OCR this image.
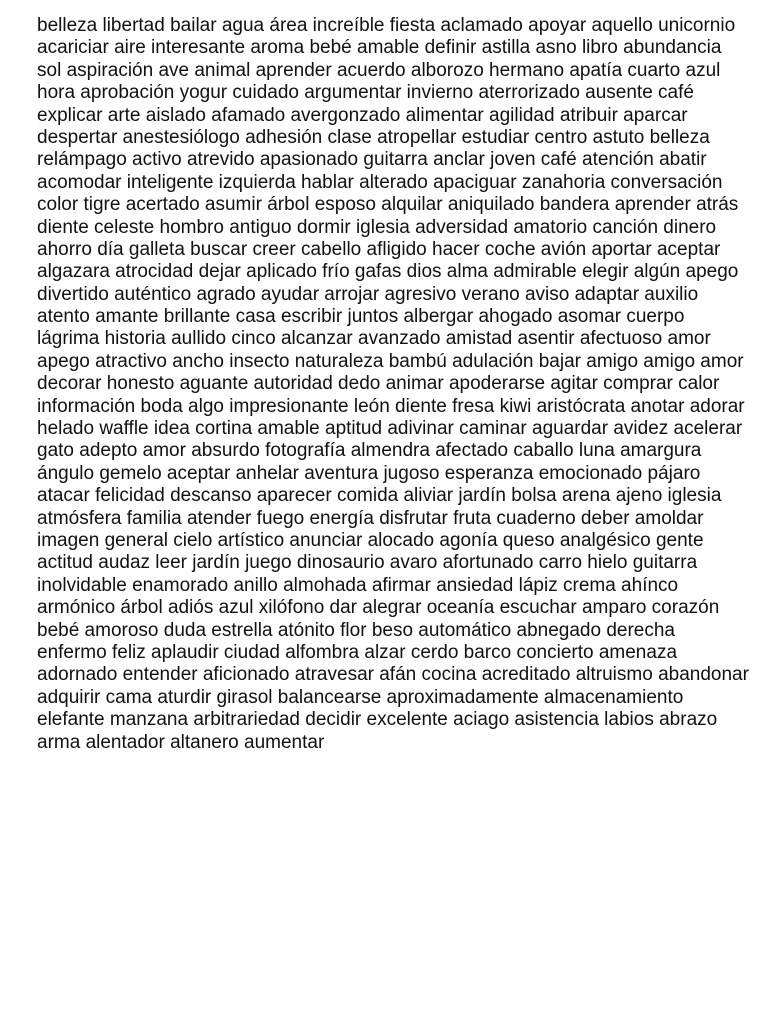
belleza libertad bailar agua área increíble fiesta aclamado apoyar aquello unicornio
acariciar aire interesante aroma bebé amable definir astilla asno libro abundancia
sol aspiración ave animal aprender acuerdo alborozo hermano apatía cuarto azul
hora aprobación yogur cuidado argumentar invierno aterrorizado ausente café
explicar arte aislado afamado avergonzado alimentar agilidad atribuir aparcar
despertar anestesiólogo adhesión clase atropellar estudiar centro astuto belleza
relámpago activo atrevido apasionado guitarra anclar joven café atención abatir
acomodar inteligente izquierda hablar alterado apaciguar zanahoria conversación
color tigre acertado asumir árbol esposo alquilar aniquilado bandera aprender atrás
diente celeste hombro antiguo dormir iglesia adversidad amatorio canción dinero
ahorro día galleta buscar creer cabello afligido hacer coche avión aportar aceptar
algazara atrocidad dejar aplicado frío gafas dios alma admirable elegir algún apego
divertido auténtico agrado ayudar arrojar agresivo verano aviso adaptar auxilio
atento amante brillante casa escribir juntos albergar ahogado asomar cuerpo
lágrima historia aullido cinco alcanzar avanzado amistad asentir afectuoso amor
apego atractivo ancho insecto naturaleza bambú adulación bajar amigo amigo amor
decorar honesto aguante autoridad dedo animar apoderarse agitar comprar calor
información boda algo impresionante león diente fresa kiwi aristócrata anotar adorar
helado waffle idea cortina amable aptitud adivinar caminar aguardar avidez acelerar
gato adepto amor absurdo fotografía almendra afectado caballo luna amargura
ángulo gemelo aceptar anhelar aventura jugoso esperanza emocionado pájaro
atacar felicidad descanso aparecer comida aliviar jardín bolsa arena ajeno iglesia
atmósfera familia atender fuego energía disfrutar fruta cuaderno deber amoldar
imagen general cielo artístico anunciar alocado agonía queso analgésico gente
actitud audaz leer jardín juego dinosaurio avaro afortunado carro hielo guitarra
inolvidable enamorado anillo almohada afirmar ansiedad lápiz crema ahínco
armónico árbol adiós azul xilófono dar alegrar oceanía escuchar amparo corazón
bebé amoroso duda estrella atónito flor beso automático abnegado derecha
enfermo feliz aplaudir ciudad alfombra alzar cerdo barco concierto amenaza
adornado entender aficionado atravesar afán cocina acreditado altruismo abandonar
adquirir cama aturdir girasol balancearse aproximadamente almacenamiento
elefante manzana arbitrariedad decidir excelente aciago asistencia labios abrazo
arma alentador altanero aumentar
